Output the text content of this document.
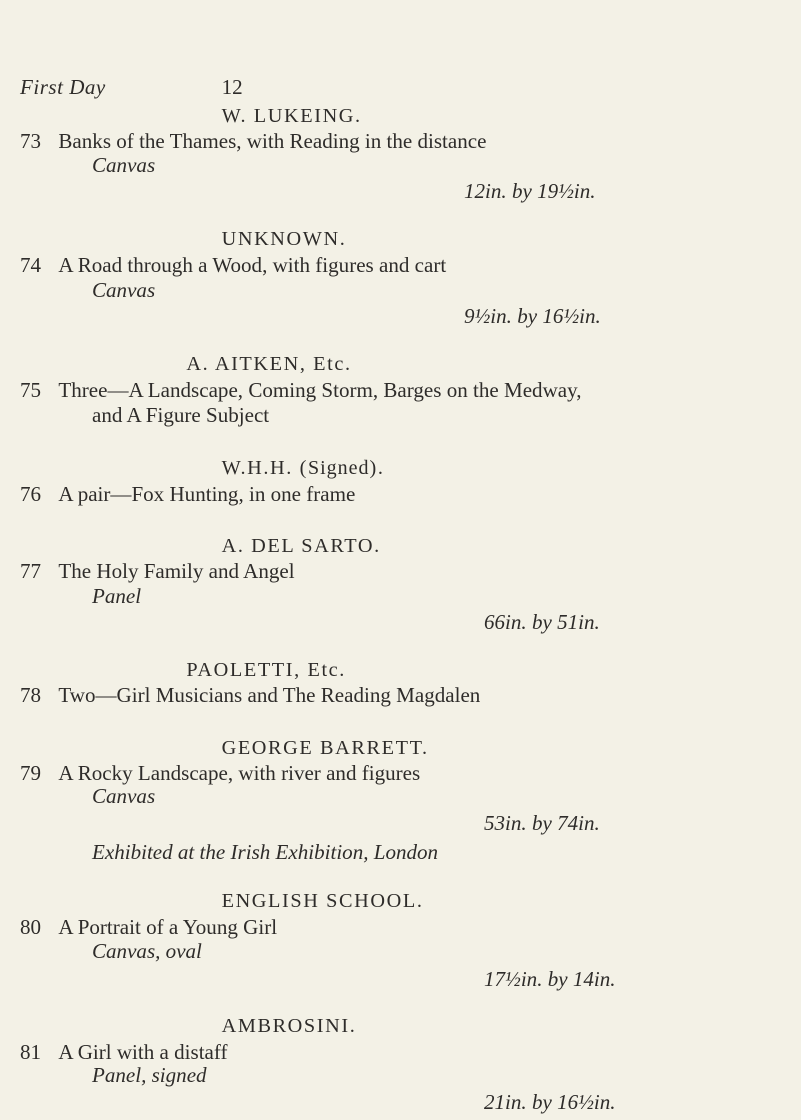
First Day	12
W. LUKEING.
73 Banks of the Thames, with Reading in the distance
Canvas
12in. by 19½in.
UNKNOWN.
74 A Road through a Wood, with figures and cart
Canvas
9½in. by 16½in.
A. AITKEN, Etc.
75 Three—A Landscape, Coming Storm, Barges on the Medway,
and A Figure Subject
W.H.H. (Signed).
76 A pair—Fox Hunting, in one frame
A. DEL SARTO.
77 The Holy Family and Angel
Panel
66in. by 51in.
PAOLETTI, Etc.
78 Two—Girl Musicians and The Reading Magdalen
GEORGE BARRETT.
79 A Rocky Landscape, with river and figures
Canvas
53in. by 74in.
Exhibited at the Irish Exhibition, London
ENGLISH SCHOOL.
80 A Portrait of a Young Girl
Canvas, oval
17½in. by 14in.
AMBROSINI.
81 A Girl with a distaff
Panel, signed
21in. by 16½in.
